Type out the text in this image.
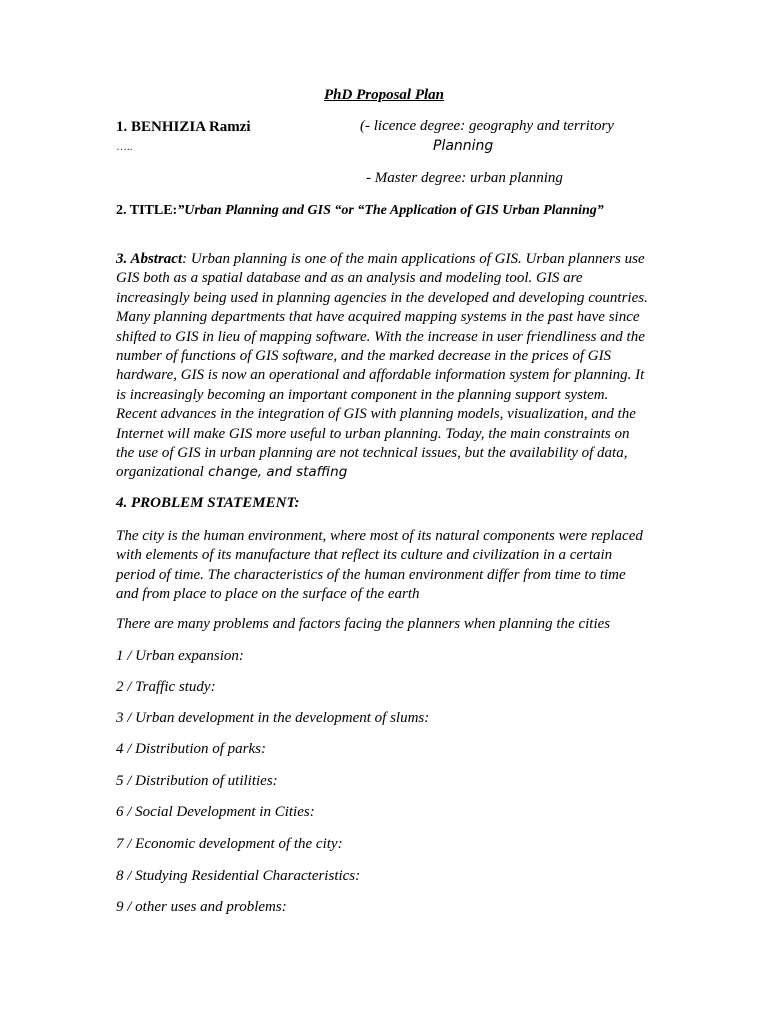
PhD Proposal Plan
1. BENHIZIA Ramzi
…..
(- licence degree: geography and territory
Planning
- Master degree: urban planning
2. TITLE:”Urban Planning and GIS “or “The Application of GIS Urban Planning”
3. Abstract: Urban planning is one of the main applications of GIS. Urban planners use GIS both as a spatial database and as an analysis and modeling tool. GIS are increasingly being used in planning agencies in the developed and developing countries. Many planning departments that have acquired mapping systems in the past have since shifted to GIS in lieu of mapping software. With the increase in user friendliness and the number of functions of GIS software, and the marked decrease in the prices of GIS hardware, GIS is now an operational and affordable information system for planning. It is increasingly becoming an important component in the planning support system. Recent advances in the integration of GIS with planning models, visualization, and the Internet will make GIS more useful to urban planning. Today, the main constraints on the use of GIS in urban planning are not technical issues, but the availability of data, organizational change, and staffing
4. PROBLEM STATEMENT:
The city is the human environment, where most of its natural components were replaced with elements of its manufacture that reflect its culture and civilization in a certain period of time. The characteristics of the human environment differ from time to time and from place to place on the surface of the earth
There are many problems and factors facing the planners when planning the cities
1 / Urban expansion:
2 / Traffic study:
3 / Urban development in the development of slums:
4 / Distribution of parks:
5 / Distribution of utilities:
6 / Social Development in Cities:
7 / Economic development of the city:
8 / Studying Residential Characteristics:
9 / other uses and problems:
